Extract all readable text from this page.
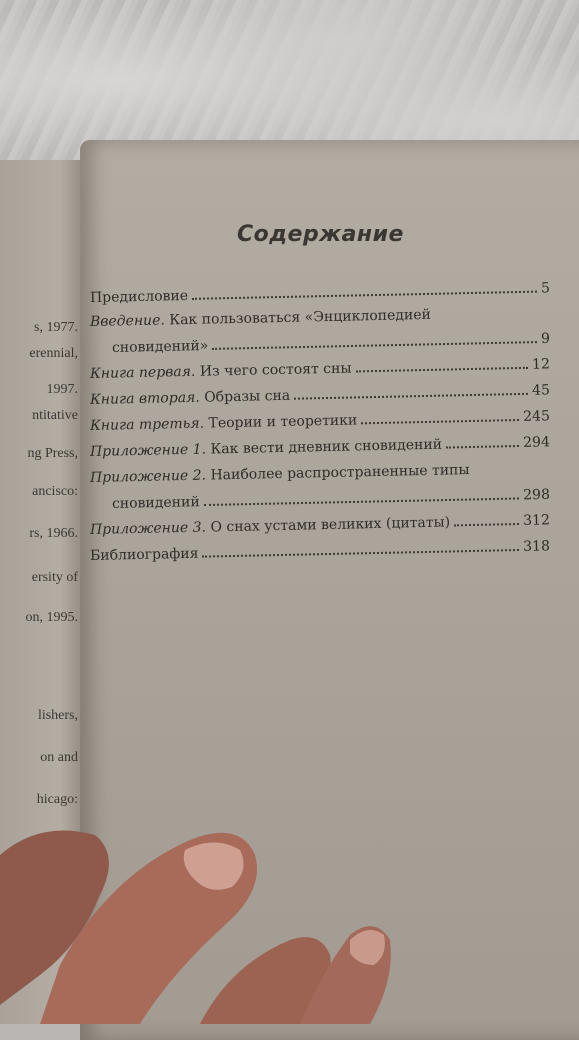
s, 1977.
erennial,
1997.
ntitative
ng Press,
ancisco:
rs, 1966.
ersity of
on, 1995.
lishers,
on and
hicago:
Содержание
Предисловие	5
Введение. Как пользоваться «Энциклопедией
сновидений»	9
Книга первая. Из чего состоят сны	12
Книга вторая. Образы сна	45
Книга третья. Теории и теоретики	245
Приложение 1. Как вести дневник сновидений	294
Приложение 2. Наиболее распространенные типы
сновидений	298
Приложение 3. О снах устами великих (цитаты)	312
Библиография	318
